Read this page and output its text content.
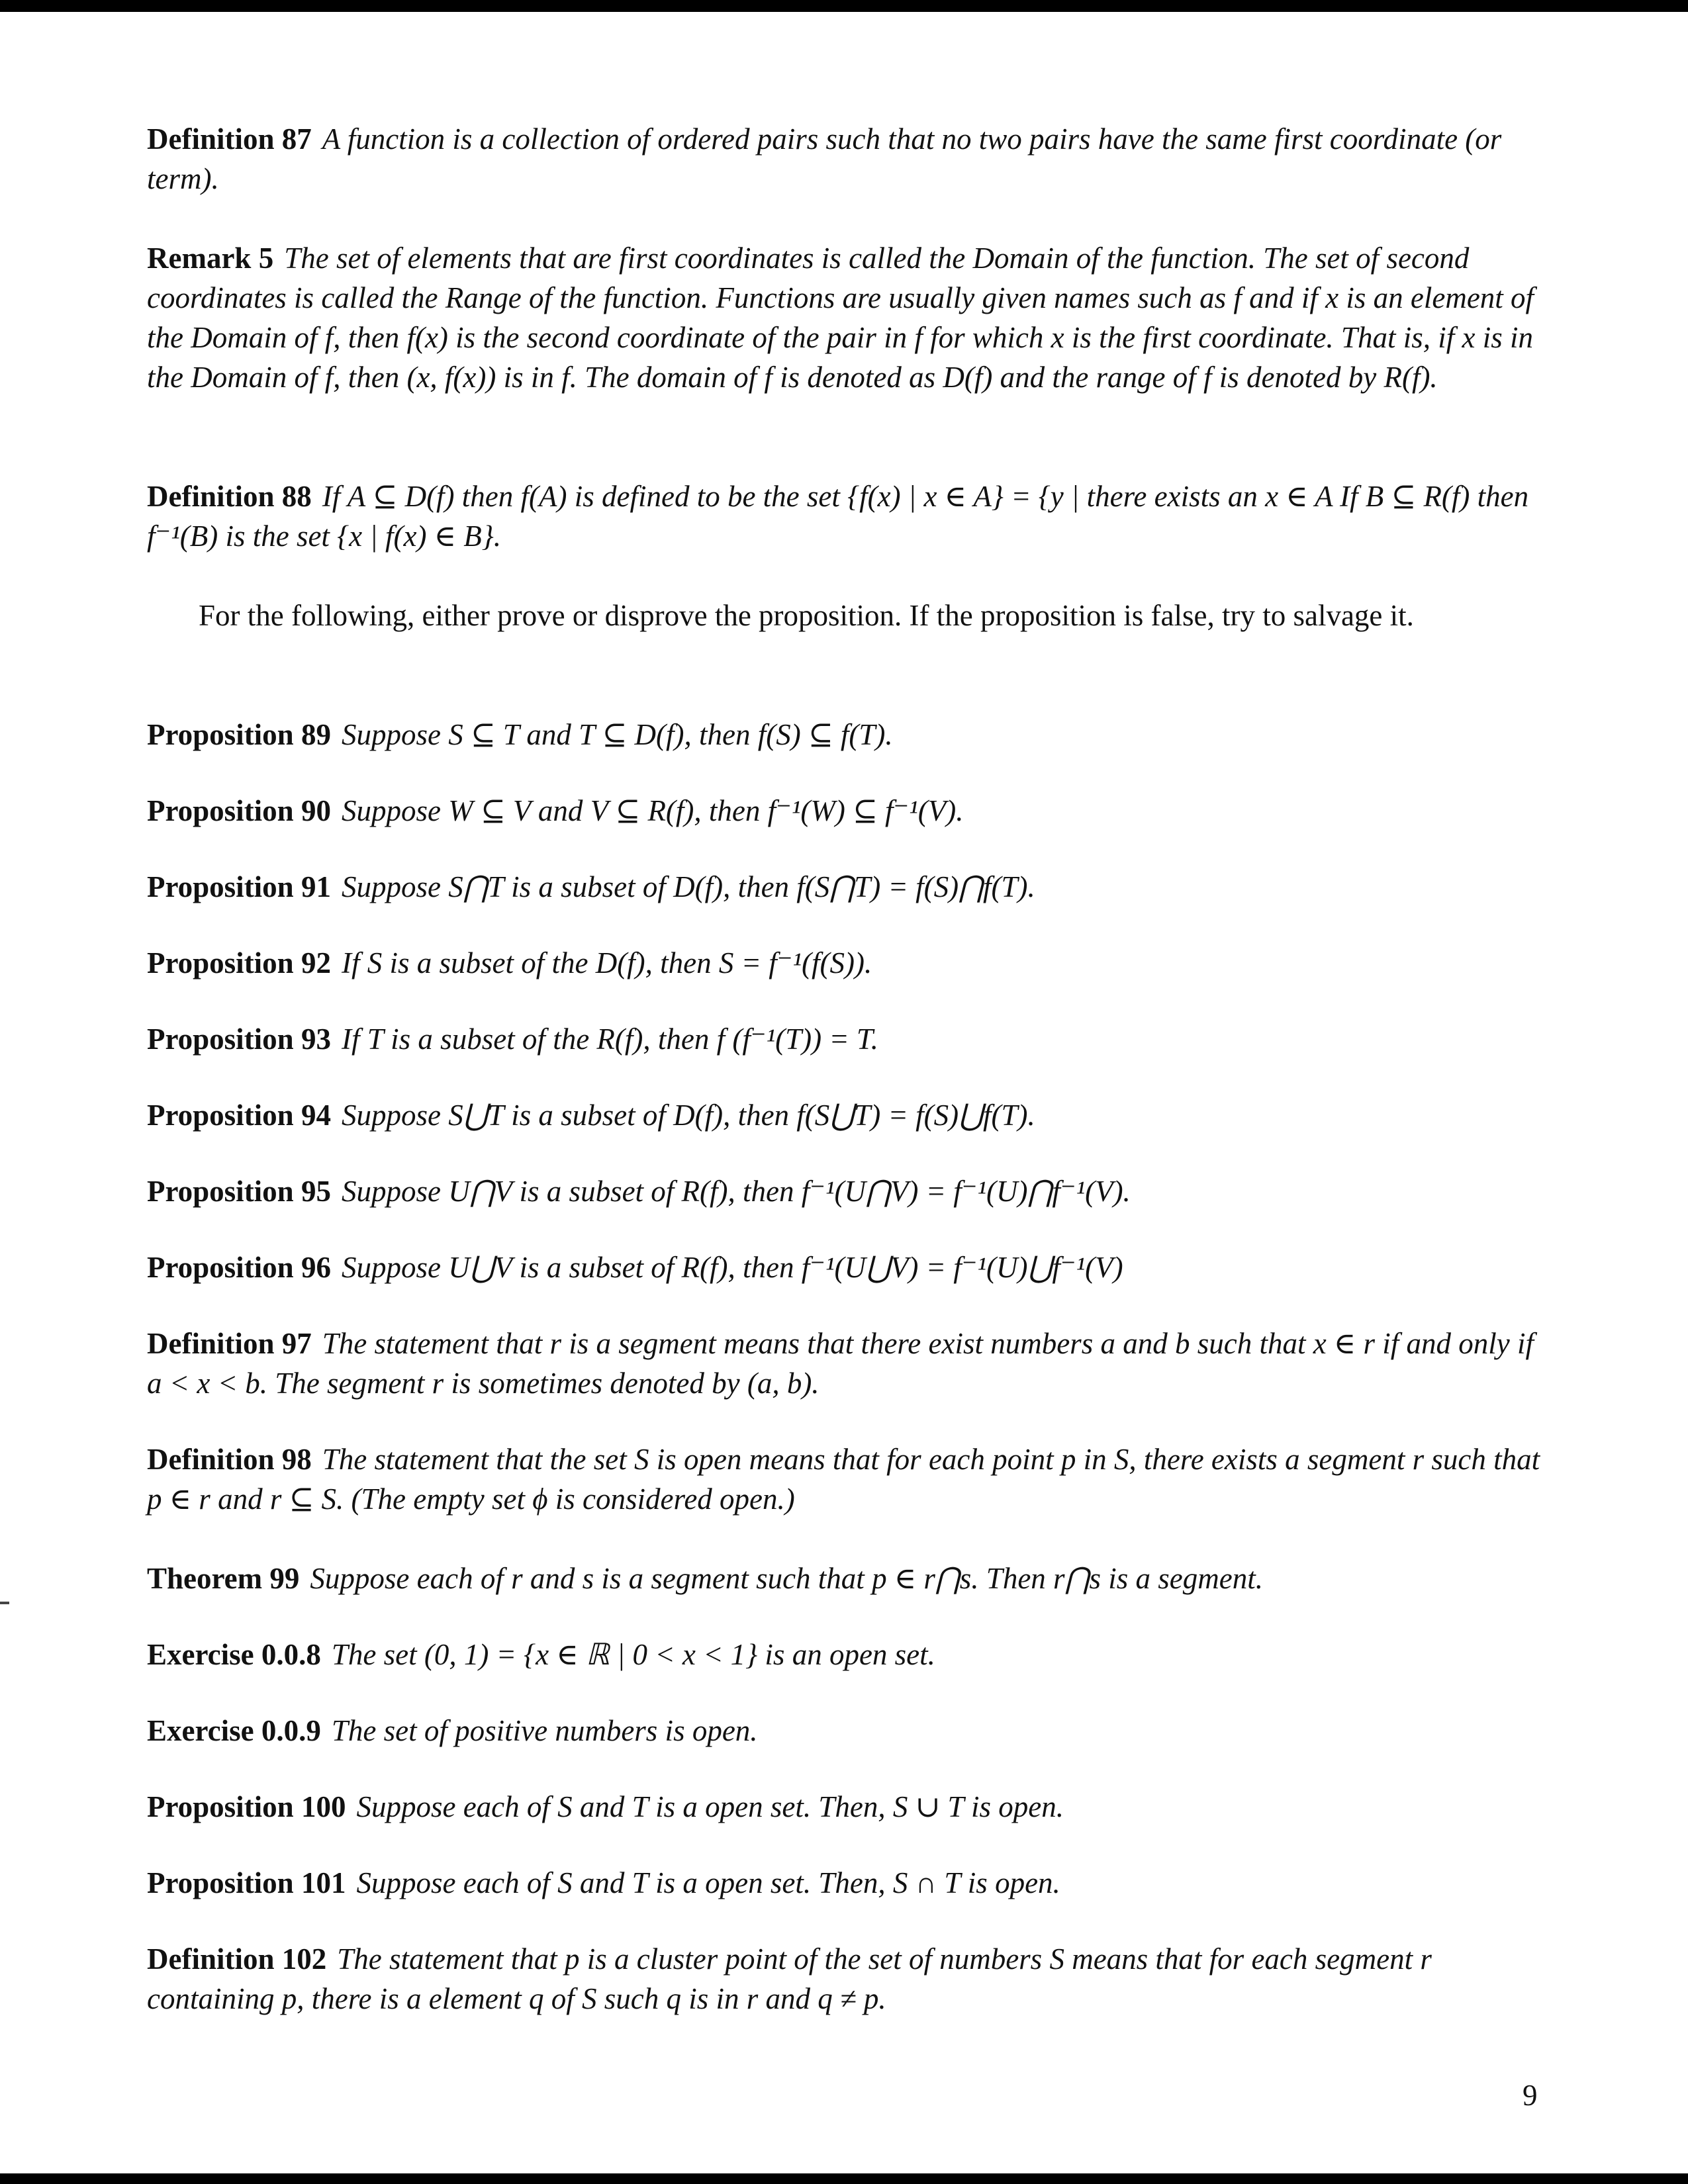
Definition 87 A function is a collection of ordered pairs such that no two pairs have the same first coordinate (or term).
Remark 5 The set of elements that are first coordinates is called the Domain of the function. The set of second coordinates is called the Range of the function. Functions are usually given names such as f and if x is an element of the Domain of f, then f(x) is the second coordinate of the pair in f for which x is the first coordinate. That is, if x is in the Domain of f, then (x, f(x)) is in f. The domain of f is denoted as D(f) and the range of f is denoted by R(f).
Definition 88 If A ⊆ D(f) then f(A) is defined to be the set {f(x) | x ∈ A} = {y | there exists an x ∈ A If B ⊆ R(f) then f⁻¹(B) is the set {x | f(x) ∈ B}.
For the following, either prove or disprove the proposition. If the proposition is false, try to salvage it.
Proposition 89 Suppose S ⊆ T and T ⊆ D(f), then f(S) ⊆ f(T).
Proposition 90 Suppose W ⊆ V and V ⊆ R(f), then f⁻¹(W) ⊆ f⁻¹(V).
Proposition 91 Suppose S⋂T is a subset of D(f), then f(S⋂T) = f(S)⋂f(T).
Proposition 92 If S is a subset of the D(f), then S = f⁻¹(f(S)).
Proposition 93 If T is a subset of the R(f), then f (f⁻¹(T)) = T.
Proposition 94 Suppose S⋃T is a subset of D(f), then f(S⋃T) = f(S)⋃f(T).
Proposition 95 Suppose U⋂V is a subset of R(f), then f⁻¹(U⋂V) = f⁻¹(U)⋂f⁻¹(V).
Proposition 96 Suppose U⋃V is a subset of R(f), then f⁻¹(U⋃V) = f⁻¹(U)⋃f⁻¹(V)
Definition 97 The statement that r is a segment means that there exist numbers a and b such that x ∈ r if and only if a < x < b. The segment r is sometimes denoted by (a, b).
Definition 98 The statement that the set S is open means that for each point p in S, there exists a segment r such that p ∈ r and r ⊆ S. (The empty set ϕ is considered open.)
Theorem 99 Suppose each of r and s is a segment such that p ∈ r⋂s. Then r⋂s is a segment.
Exercise 0.0.8 The set (0, 1) = {x ∈ ℝ | 0 < x < 1} is an open set.
Exercise 0.0.9 The set of positive numbers is open.
Proposition 100 Suppose each of S and T is a open set. Then, S ∪ T is open.
Proposition 101 Suppose each of S and T is a open set. Then, S ∩ T is open.
Definition 102 The statement that p is a cluster point of the set of numbers S means that for each segment r containing p, there is a element q of S such q is in r and q ≠ p.
9
